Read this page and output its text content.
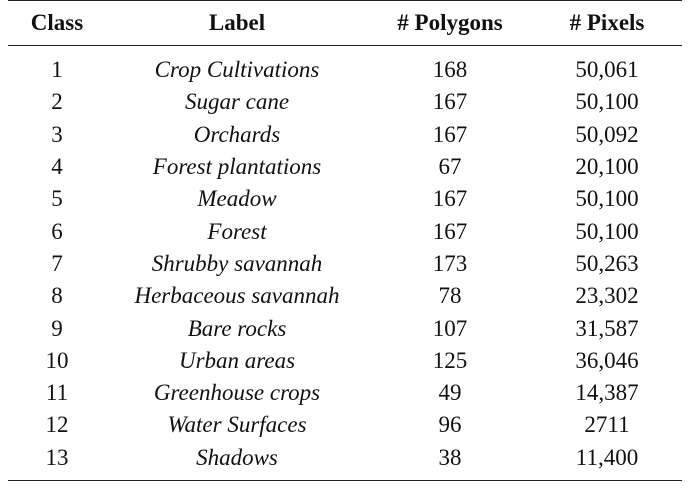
Class	Label	# Polygons	# Pixels
1	Crop Cultivations	168	50,061
2	Sugar cane	167	50,100
3	Orchards	167	50,092
4	Forest plantations	67	20,100
5	Meadow	167	50,100
6	Forest	167	50,100
7	Shrubby savannah	173	50,263
8	Herbaceous savannah	78	23,302
9	Bare rocks	107	31,587
10	Urban areas	125	36,046
11	Greenhouse crops	49	14,387
12	Water Surfaces	96	2711
13	Shadows	38	11,400
